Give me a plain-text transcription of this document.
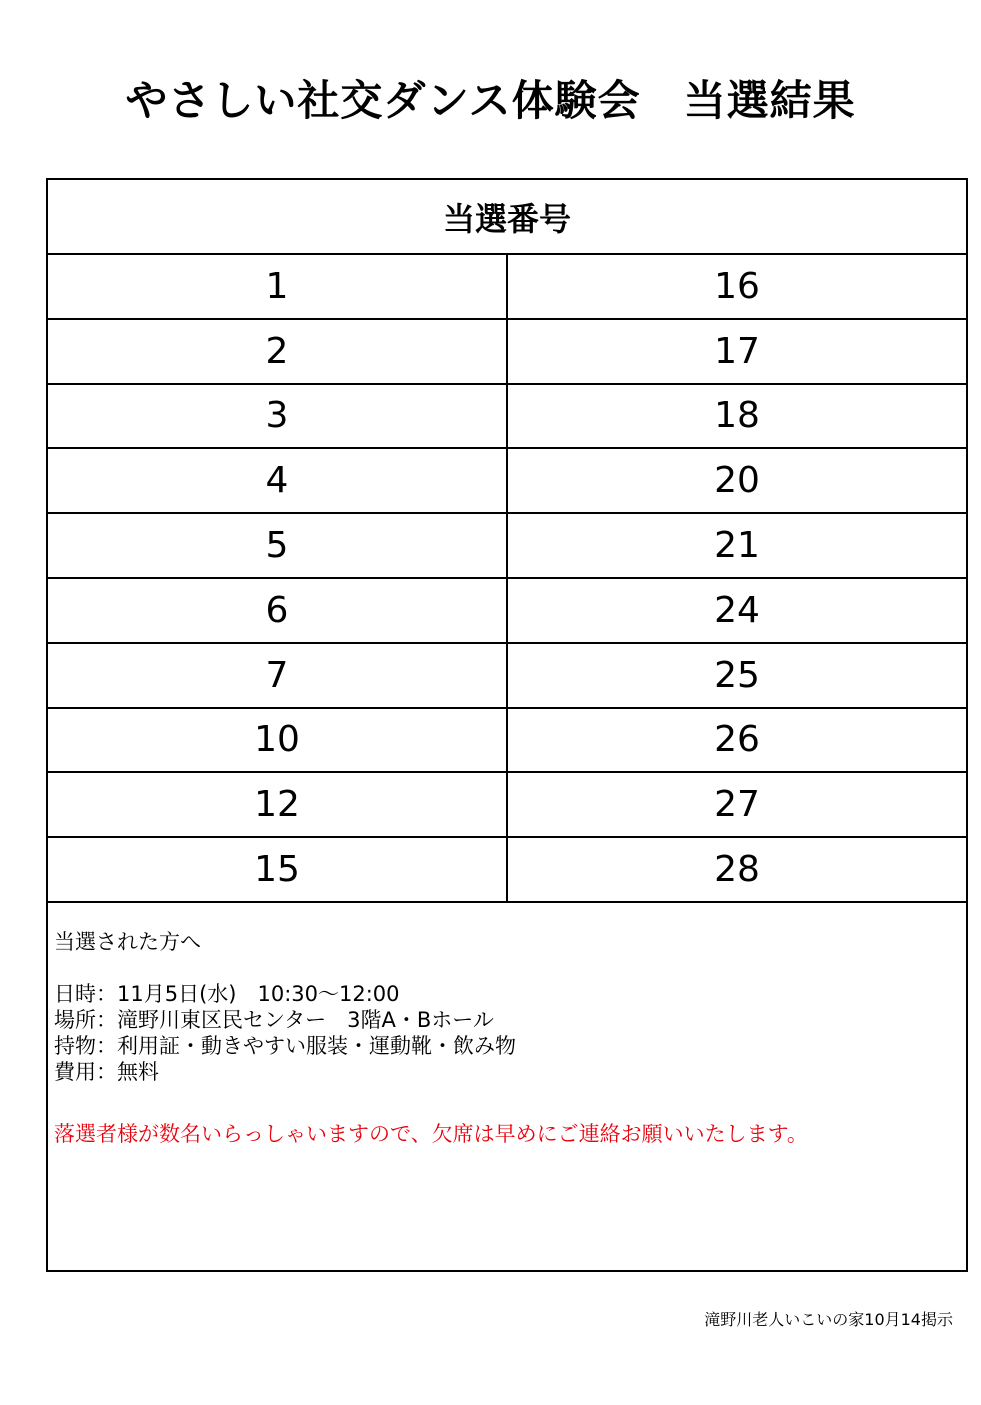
やさしい社交ダンス体験会　当選結果
当選番号
1	16
2	17
3	18
4	20
5	21
6	24
7	25
10	26
12	27
15	28
当選された方へ
日時：11月5日(水)　10:30〜12:00
場所：滝野川東区民センター　3階A・Bホール
持物：利用証・動きやすい服装・運動靴・飲み物
費用：無料
落選者様が数名いらっしゃいますので、欠席は早めにご連絡お願いいたします。
滝野川老人いこいの家10月14掲示
